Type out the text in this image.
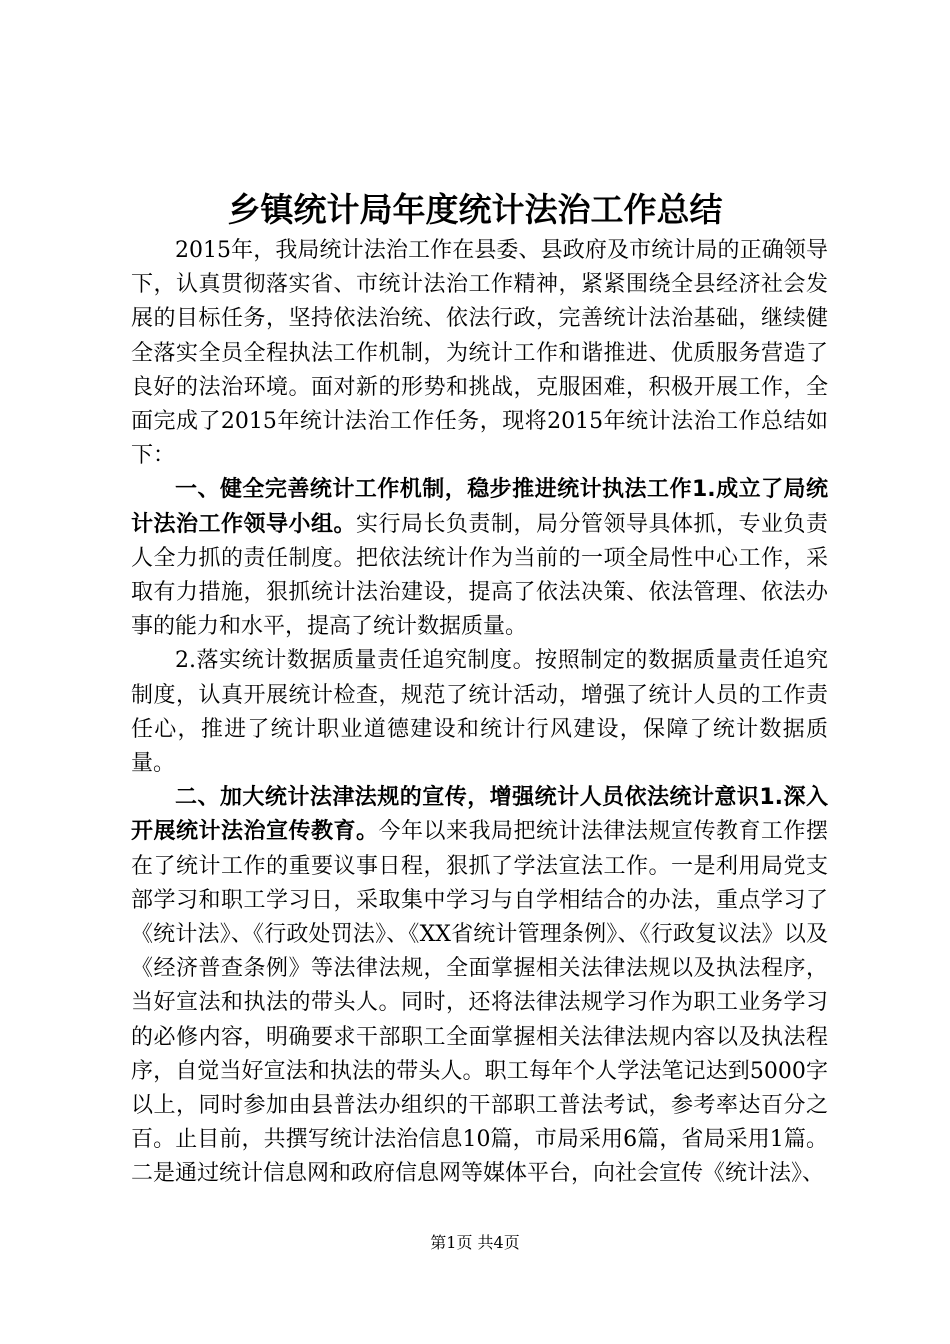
乡镇统计局年度统计法治工作总结

2015年，我局统计法治工作在县委、县政府及市统计局的正确领导下，认真贯彻落实省、市统计法治工作精神，紧紧围绕全县经济社会发展的目标任务，坚持依法治统、依法行政，完善统计法治基础，继续健全落实全员全程执法工作机制，为统计工作和谐推进、优质服务营造了良好的法治环境。面对新的形势和挑战，克服困难，积极开展工作，全面完成了2015年统计法治工作任务，现将2015年统计法治工作总结如下：

一、健全完善统计工作机制，稳步推进统计执法工作1.成立了局统计法治工作领导小组。实行局长负责制，局分管领导具体抓，专业负责人全力抓的责任制度。把依法统计作为当前的一项全局性中心工作，采取有力措施，狠抓统计法治建设，提高了依法决策、依法管理、依法办事的能力和水平，提高了统计数据质量。

2.落实统计数据质量责任追究制度。按照制定的数据质量责任追究制度，认真开展统计检查，规范了统计活动，增强了统计人员的工作责任心，推进了统计职业道德建设和统计行风建设，保障了统计数据质量。

二、加大统计法津法规的宣传，增强统计人员依法统计意识1.深入开展统计法治宣传教育。今年以来我局把统计法律法规宣传教育工作摆在了统计工作的重要议事日程，狠抓了学法宣法工作。一是利用局党支部学习和职工学习日，采取集中学习与自学相结合的办法，重点学习了《统计法》、《行政处罚法》、《XX省统计管理条例》、《行政复议法》以及《经济普查条例》等法律法规，全面掌握相关法律法规以及执法程序，当好宣法和执法的带头人。同时，还将法律法规学习作为职工业务学习的必修内容，明确要求干部职工全面掌握相关法律法规内容以及执法程序，自觉当好宣法和执法的带头人。职工每年个人学法笔记达到5000字以上，同时参加由县普法办组织的干部职工普法考试，参考率达百分之百。止目前，共撰写统计法治信息10篇，市局采用6篇，省局采用1篇。二是通过统计信息网和政府信息网等媒体平台，向社会宣传《统计法》、

第1页 共4页
